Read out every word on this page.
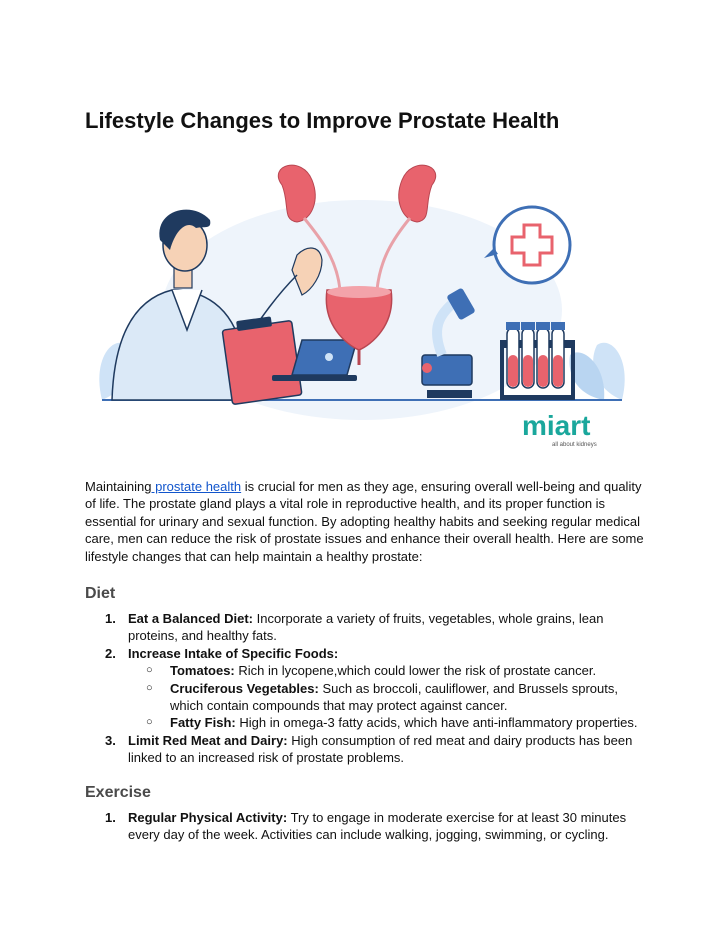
Lifestyle Changes to Improve Prostate Health
miart
all about kidneys

Maintaining prostate health is crucial for men as they age, ensuring overall well-being and quality of life. The prostate gland plays a vital role in reproductive health, and its proper function is essential for urinary and sexual function. By adopting healthy habits and seeking regular medical care, men can reduce the risk of prostate issues and enhance their overall health. Here are some lifestyle changes that can help maintain a healthy prostate:

Diet
1. Eat a Balanced Diet: Incorporate a variety of fruits, vegetables, whole grains, lean proteins, and healthy fats.
2. Increase Intake of Specific Foods:
○ Tomatoes: Rich in lycopene,which could lower the risk of prostate cancer.
○ Cruciferous Vegetables: Such as broccoli, cauliflower, and Brussels sprouts, which contain compounds that may protect against cancer.
○ Fatty Fish: High in omega-3 fatty acids, which have anti-inflammatory properties.
3. Limit Red Meat and Dairy: High consumption of red meat and dairy products has been linked to an increased risk of prostate problems.
Exercise
1. Regular Physical Activity: Try to engage in moderate exercise for at least 30 minutes every day of the week. Activities can include walking, jogging, swimming, or cycling.
